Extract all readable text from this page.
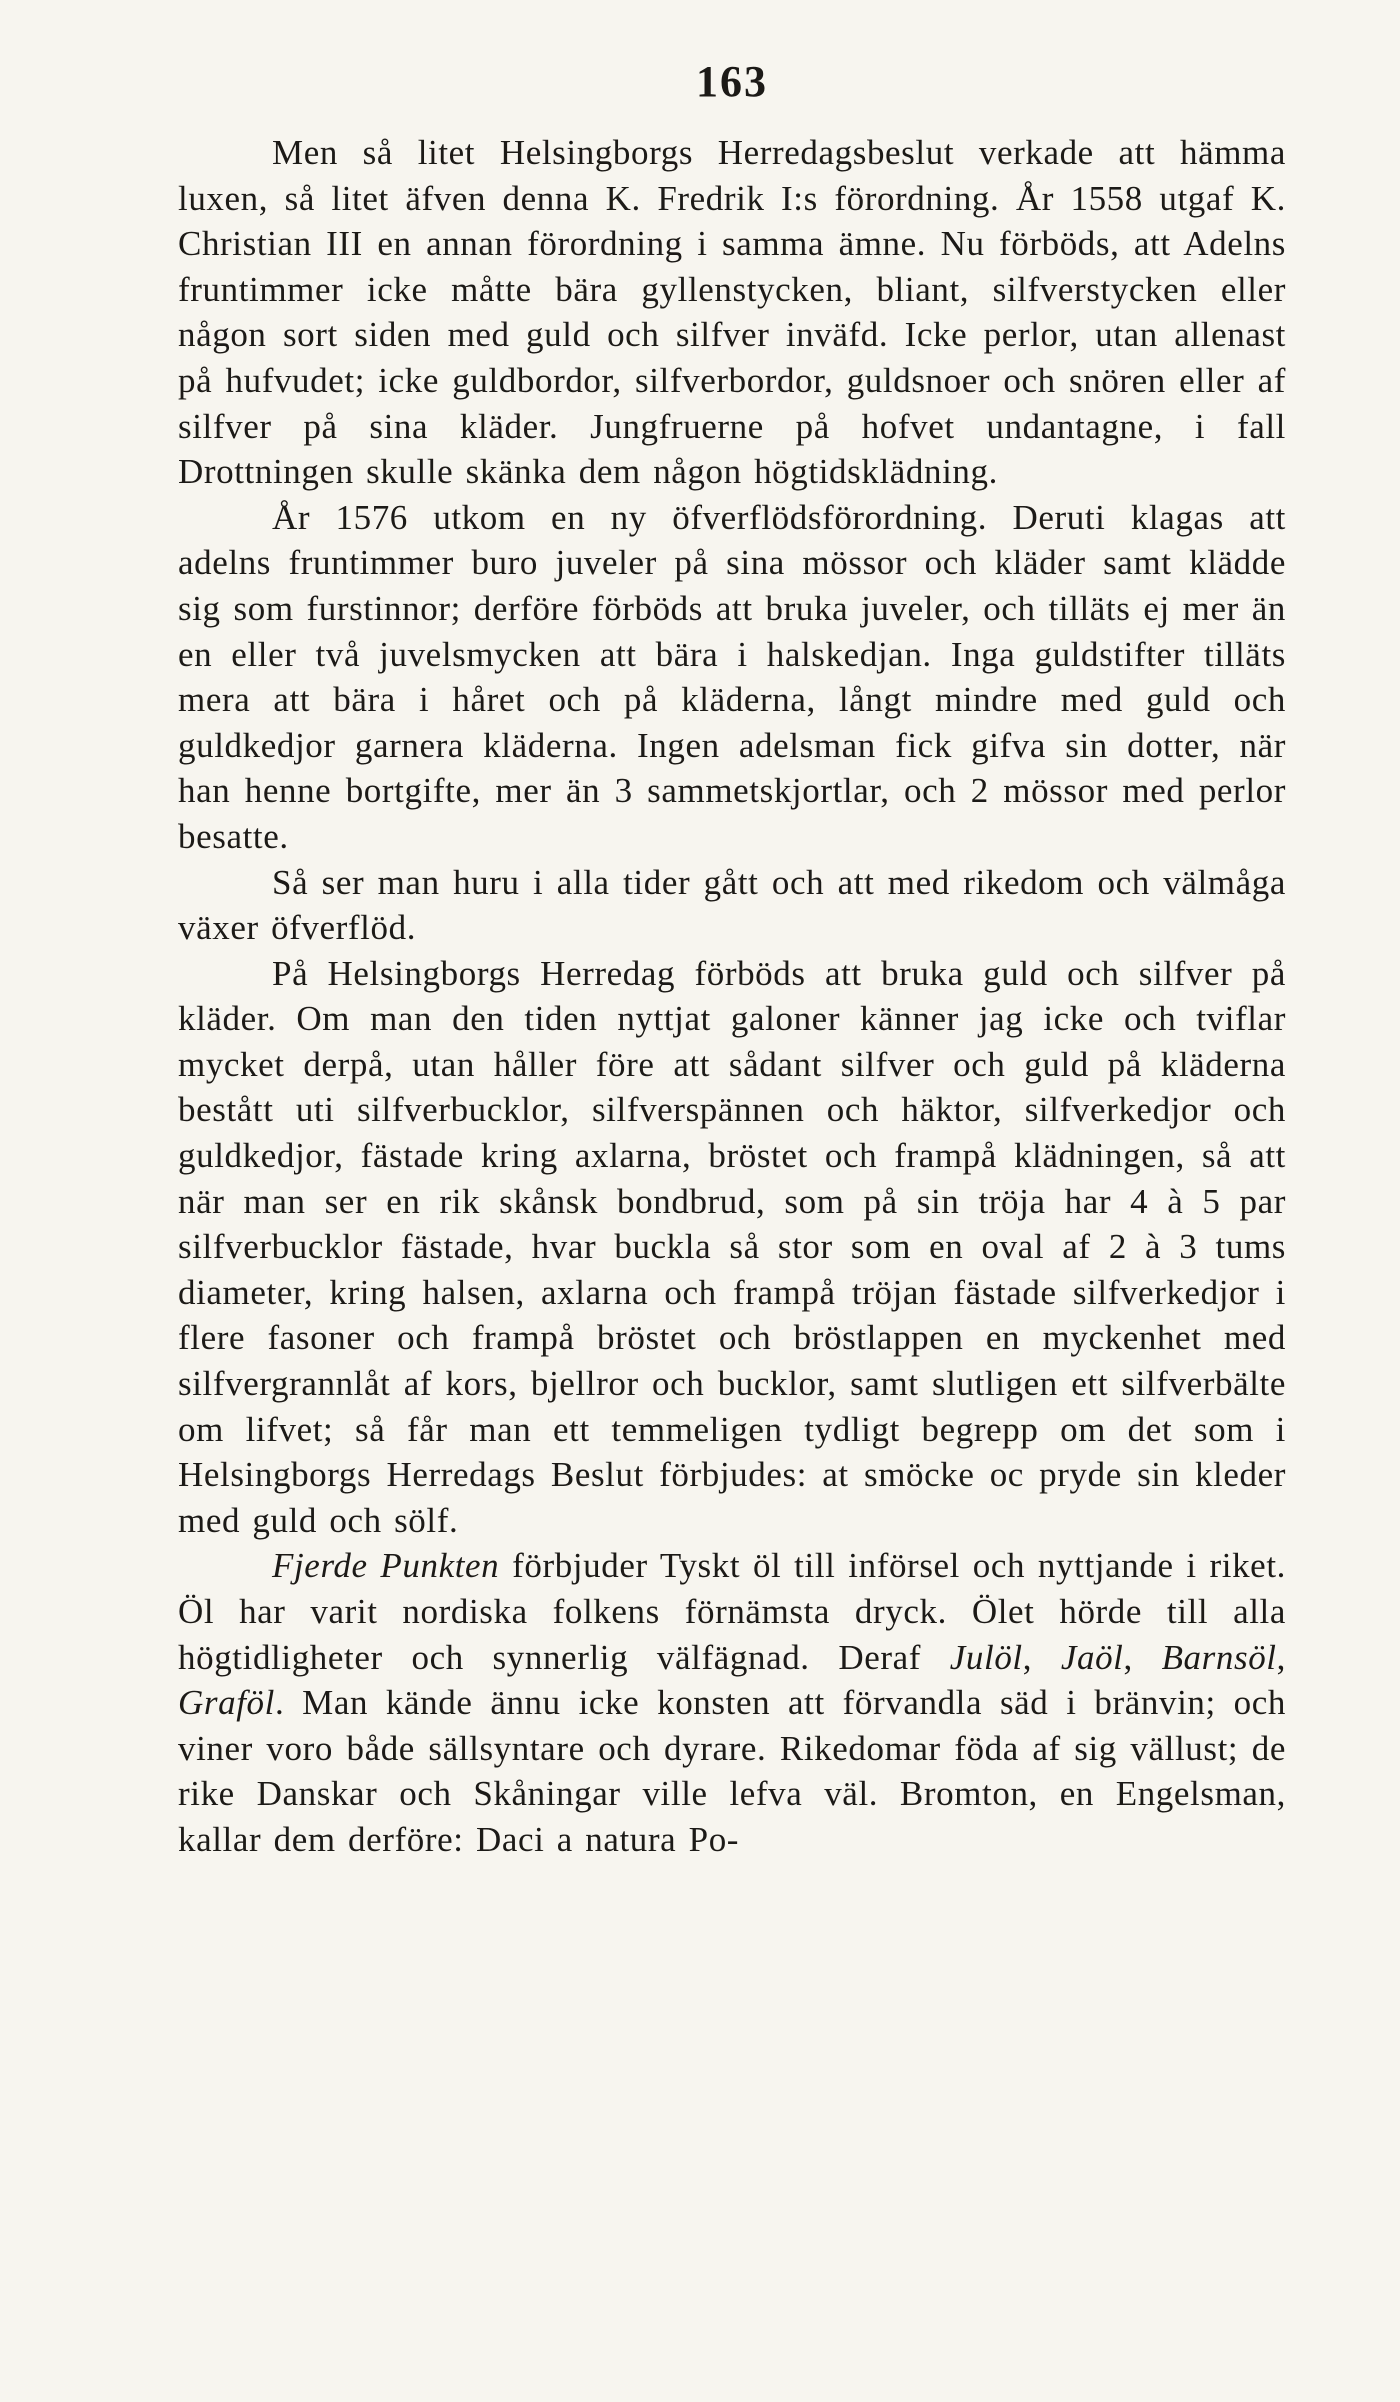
163

Men så litet Helsingborgs Herredagsbeslut verkade att hämma luxen, så litet äfven denna K. Fredrik I:s förordning. År 1558 utgaf K. Christian III en annan förordning i samma ämne. Nu förböds, att Adelns fruntimmer icke måtte bära gyllenstycken, bliant, silfverstycken eller någon sort siden med guld och silfver inväfd. Icke perlor, utan allenast på hufvudet; icke guldbordor, silfverbordor, guldsnoer och snören eller af silfver på sina kläder. Jungfruerne på hofvet undantagne, i fall Drottningen skulle skänka dem någon högtidsklädning.

År 1576 utkom en ny öfverflödsförordning. Deruti klagas att adelns fruntimmer buro juveler på sina mössor och kläder samt klädde sig som furstinnor; derföre förböds att bruka juveler, och tilläts ej mer än en eller två juvelsmycken att bära i halskedjan. Inga guldstifter tilläts mera att bära i håret och på kläderna, långt mindre med guld och guldkedjor garnera kläderna. Ingen adelsman fick gifva sin dotter, när han henne bortgifte, mer än 3 sammetskjortlar, och 2 mössor med perlor besatte.

Så ser man huru i alla tider gått och att med rikedom och välmåga växer öfverflöd.

På Helsingborgs Herredag förböds att bruka guld och silfver på kläder. Om man den tiden nyttjat galoner känner jag icke och tviflar mycket derpå, utan håller före att sådant silfver och guld på kläderna bestått uti silfverbucklor, silfverspännen och häktor, silfverkedjor och guldkedjor, fästade kring axlarna, bröstet och frampå klädningen, så att när man ser en rik skånsk bondbrud, som på sin tröja har 4 à 5 par silfverbucklor fästade, hvar buckla så stor som en oval af 2 à 3 tums diameter, kring halsen, axlarna och frampå tröjan fästade silfverkedjor i flere fasoner och frampå bröstet och bröstlappen en myckenhet med silfvergrannlåt af kors, bjellror och bucklor, samt slutligen ett silfverbälte om lifvet; så får man ett temmeligen tydligt begrepp om det som i Helsingborgs Herredags Beslut förbjudes: at smöcke oc pryde sin kleder med guld och sölf.

Fjerde Punkten förbjuder Tyskt öl till införsel och nyttjande i riket. Öl har varit nordiska folkens förnämsta dryck. Ölet hörde till alla högtidligheter och synnerlig välfägnad. Deraf Julöl, Jaöl, Barnsöl, Graföl. Man kände ännu icke konsten att förvandla säd i bränvin; och viner voro både sällsyntare och dyrare. Rikedomar föda af sig vällust; de rike Danskar och Skåningar ville lefva väl. Bromton, en Engelsman, kallar dem derföre: Daci a natura Po-
